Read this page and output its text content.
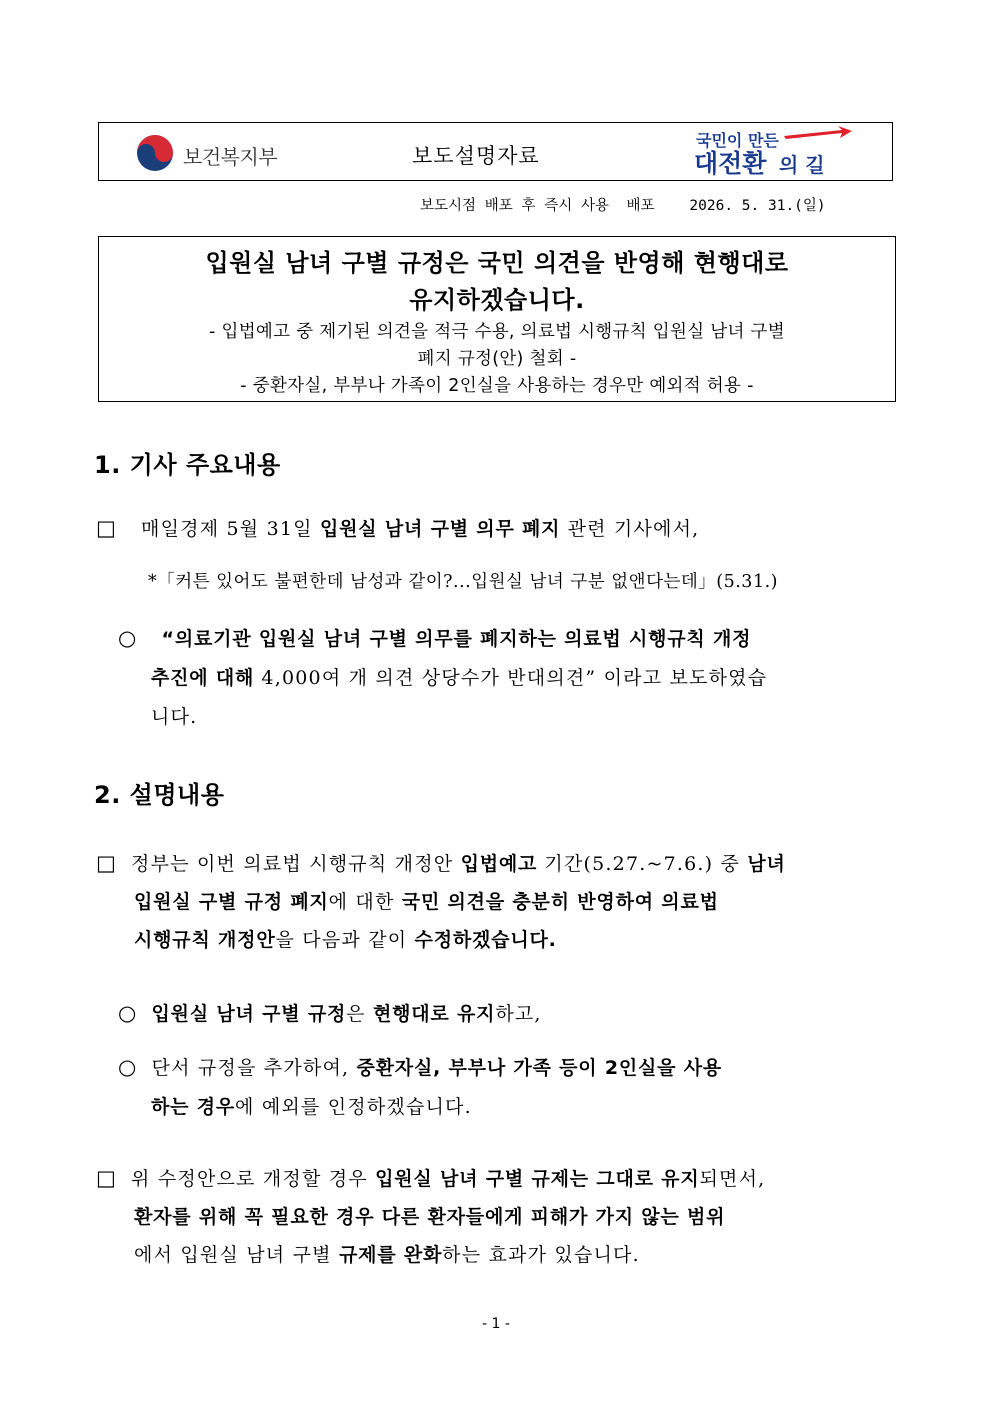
보건복지부	보도설명자료
국민이 만든
대전환 의 길
보도시점 배포 후 즉시 사용 배포 2026. 5. 31.(일)
입원실 남녀 구별 규정은 국민 의견을 반영해 현행대로
유지하겠습니다.
- 입법예고 중 제기된 의견을 적극 수용, 의료법 시행규칙 입원실 남녀 구별
폐지 규정(안) 철회 -
- 중환자실, 부부나 가족이 2인실을 사용하는 경우만 예외적 허용 -
1. 기사 주요내용
□ 매일경제 5월 31일 입원실 남녀 구별 의무 폐지 관련 기사에서,
*「커튼 있어도 불편한데 남성과 같이?...입원실 남녀 구분 없앤다는데」(5.31.)
○ “의료기관 입원실 남녀 구별 의무를 폐지하는 의료법 시행규칙 개정
추진에 대해 4,000여 개 의견 상당수가 반대의견” 이라고 보도하였습
니다.
2. 설명내용
□ 정부는 이번 의료법 시행규칙 개정안 입법예고 기간(5.27.~7.6.) 중 남녀
입원실 구별 규정 폐지에 대한 국민 의견을 충분히 반영하여 의료법
시행규칙 개정안을 다음과 같이 수정하겠습니다.
○ 입원실 남녀 구별 규정은 현행대로 유지하고,
○ 단서 규정을 추가하여, 중환자실, 부부나 가족 등이 2인실을 사용
하는 경우에 예외를 인정하겠습니다.
□ 위 수정안으로 개정할 경우 입원실 남녀 구별 규제는 그대로 유지되면서,
환자를 위해 꼭 필요한 경우 다른 환자들에게 피해가 가지 않는 범위
에서 입원실 남녀 구별 규제를 완화하는 효과가 있습니다.
- 1 -
